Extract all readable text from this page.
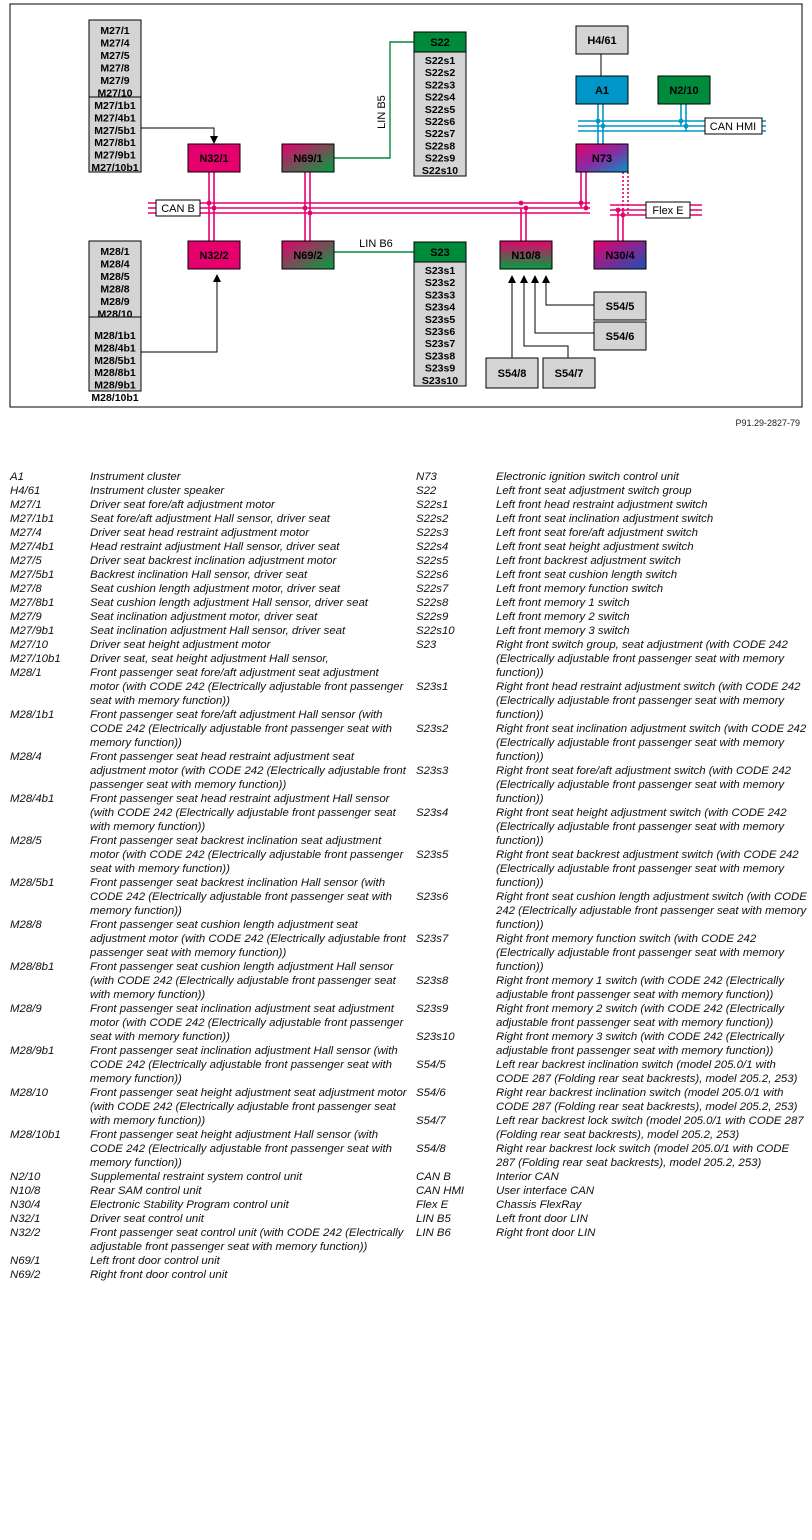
M27/1
M27/4
M27/5
M27/8
M27/9
M27/10
M27/1b1
M27/4b1
M27/5b1
M27/8b1
M27/9b1
M27/10b1
M28/1
M28/4
M28/5
M28/8
M28/9
M28/10
M28/1b1
M28/4b1
M28/5b1
M28/8b1
M28/9b1
M28/10b1
S22s1
S22s2
S22s3
S22s4
S22s5
S22s6
S22s7
S22s8
S22s9
S22s10
S23s1
S23s2
S23s3
S23s4
S23s5
S23s6
S23s7
S23s8
S23s9
S23s10
S22
S23
N32/1
N32/2
N69/1
N69/2
H4/61
A1	N2/10
N73
N10/8	N30/4
S54/5
S54/6
S54/8	S54/7
CAN B	Flex E
CAN HMI
LIN B5
LIN B6
P91.29-2827-79
A1	Instrument cluster
H4/61	Instrument cluster speaker
M27/1	Driver seat fore/aft adjustment motor
M27/1b1	Seat fore/aft adjustment Hall sensor, driver seat
M27/4	Driver seat head restraint adjustment motor
M27/4b1	Head restraint adjustment Hall sensor, driver seat
M27/5	Driver seat backrest inclination adjustment motor
M27/5b1	Backrest inclination Hall sensor, driver seat
M27/8	Seat cushion length adjustment motor, driver seat
M27/8b1	Seat cushion length adjustment Hall sensor, driver seat
M27/9	Seat inclination adjustment motor, driver seat
M27/9b1	Seat inclination adjustment Hall sensor, driver seat
M27/10	Driver seat height adjustment motor
M27/10b1	Driver seat, seat height adjustment Hall sensor,
M28/1	Front passenger seat fore/aft adjustment seat adjustment motor (with CODE 242 (Electrically adjustable front passenger seat with memory function))
M28/1b1	Front passenger seat fore/aft adjustment Hall sensor (with CODE 242 (Electrically adjustable front passenger seat with memory function))
M28/4	Front passenger seat head restraint adjustment seat adjustment motor (with CODE 242 (Electrically adjustable front passenger seat with memory function))
M28/4b1	Front passenger seat head restraint adjustment Hall sensor (with CODE 242 (Electrically adjustable front passenger seat with memory function))
M28/5	Front passenger seat backrest inclination seat adjustment motor (with CODE 242 (Electrically adjustable front passenger seat with memory function))
M28/5b1	Front passenger seat backrest inclination Hall sensor (with CODE 242 (Electrically adjustable front passenger seat with memory function))
M28/8	Front passenger seat cushion length adjustment seat adjustment motor (with CODE 242 (Electrically adjustable front passenger seat with memory function))
M28/8b1	Front passenger seat cushion length adjustment Hall sensor (with CODE 242 (Electrically adjustable front passenger seat with memory function))
M28/9	Front passenger seat inclination adjustment seat adjustment motor (with CODE 242 (Electrically adjustable front passenger seat with memory function))
M28/9b1	Front passenger seat inclination adjustment Hall sensor (with CODE 242 (Electrically adjustable front passenger seat with memory function))
M28/10	Front passenger seat height adjustment seat adjustment motor (with CODE 242 (Electrically adjustable front passenger seat with memory function))
M28/10b1	Front passenger seat height adjustment Hall sensor (with CODE 242 (Electrically adjustable front passenger seat with memory function))
N2/10	Supplemental restraint system control unit
N10/8	Rear SAM control unit
N30/4	Electronic Stability Program control unit
N32/1	Driver seat control unit
N32/2	Front passenger seat control unit (with CODE 242 (Electrically adjustable front passenger seat with memory function))
N69/1	Left front door control unit
N69/2	Right front door control unit
N73	Electronic ignition switch control unit
S22	Left front seat adjustment switch group
S22s1	Left front head restraint adjustment switch
S22s2	Left front seat inclination adjustment switch
S22s3	Left front seat fore/aft adjustment switch
S22s4	Left front seat height adjustment switch
S22s5	Left front backrest adjustment switch
S22s6	Left front seat cushion length switch
S22s7	Left front memory function switch
S22s8	Left front memory 1 switch
S22s9	Left front memory 2 switch
S22s10	Left front memory 3 switch
S23	Right front switch group, seat adjustment (with CODE 242 (Electrically adjustable front passenger seat with memory function))
S23s1	Right front head restraint adjustment switch (with CODE 242 (Electrically adjustable front passenger seat with memory function))
S23s2	Right front seat inclination adjustment switch (with CODE 242 (Electrically adjustable front passenger seat with memory function))
S23s3	Right front seat fore/aft adjustment switch (with CODE 242 (Electrically adjustable front passenger seat with memory function))
S23s4	Right front seat height adjustment switch (with CODE 242 (Electrically adjustable front passenger seat with memory function))
S23s5	Right front seat backrest adjustment switch (with CODE 242 (Electrically adjustable front passenger seat with memory function))
S23s6	Right front seat cushion length adjustment switch (with CODE 242 (Electrically adjustable front passenger seat with memory function))
S23s7	Right front memory function switch (with CODE 242 (Electrically adjustable front passenger seat with memory function))
S23s8	Right front memory 1 switch (with CODE 242 (Electrically adjustable front passenger seat with memory function))
S23s9	Right front memory 2 switch (with CODE 242 (Electrically adjustable front passenger seat with memory function))
S23s10	Right front memory 3 switch (with CODE 242 (Electrically adjustable front passenger seat with memory function))
S54/5	Left rear backrest inclination switch (model 205.0/1 with CODE 287 (Folding rear seat backrests), model 205.2, 253)
S54/6	Right rear backrest inclination switch (model 205.0/1 with CODE 287 (Folding rear seat backrests), model 205.2, 253)
S54/7	Left rear backrest lock switch (model 205.0/1 with CODE 287 (Folding rear seat backrests), model 205.2, 253)
S54/8	Right rear backrest lock switch (model 205.0/1 with CODE 287 (Folding rear seat backrests), model 205.2, 253)
CAN B	Interior CAN
CAN HMI	User interface CAN
Flex E	Chassis FlexRay
LIN B5	Left front door LIN
LIN B6	Right front door LIN
